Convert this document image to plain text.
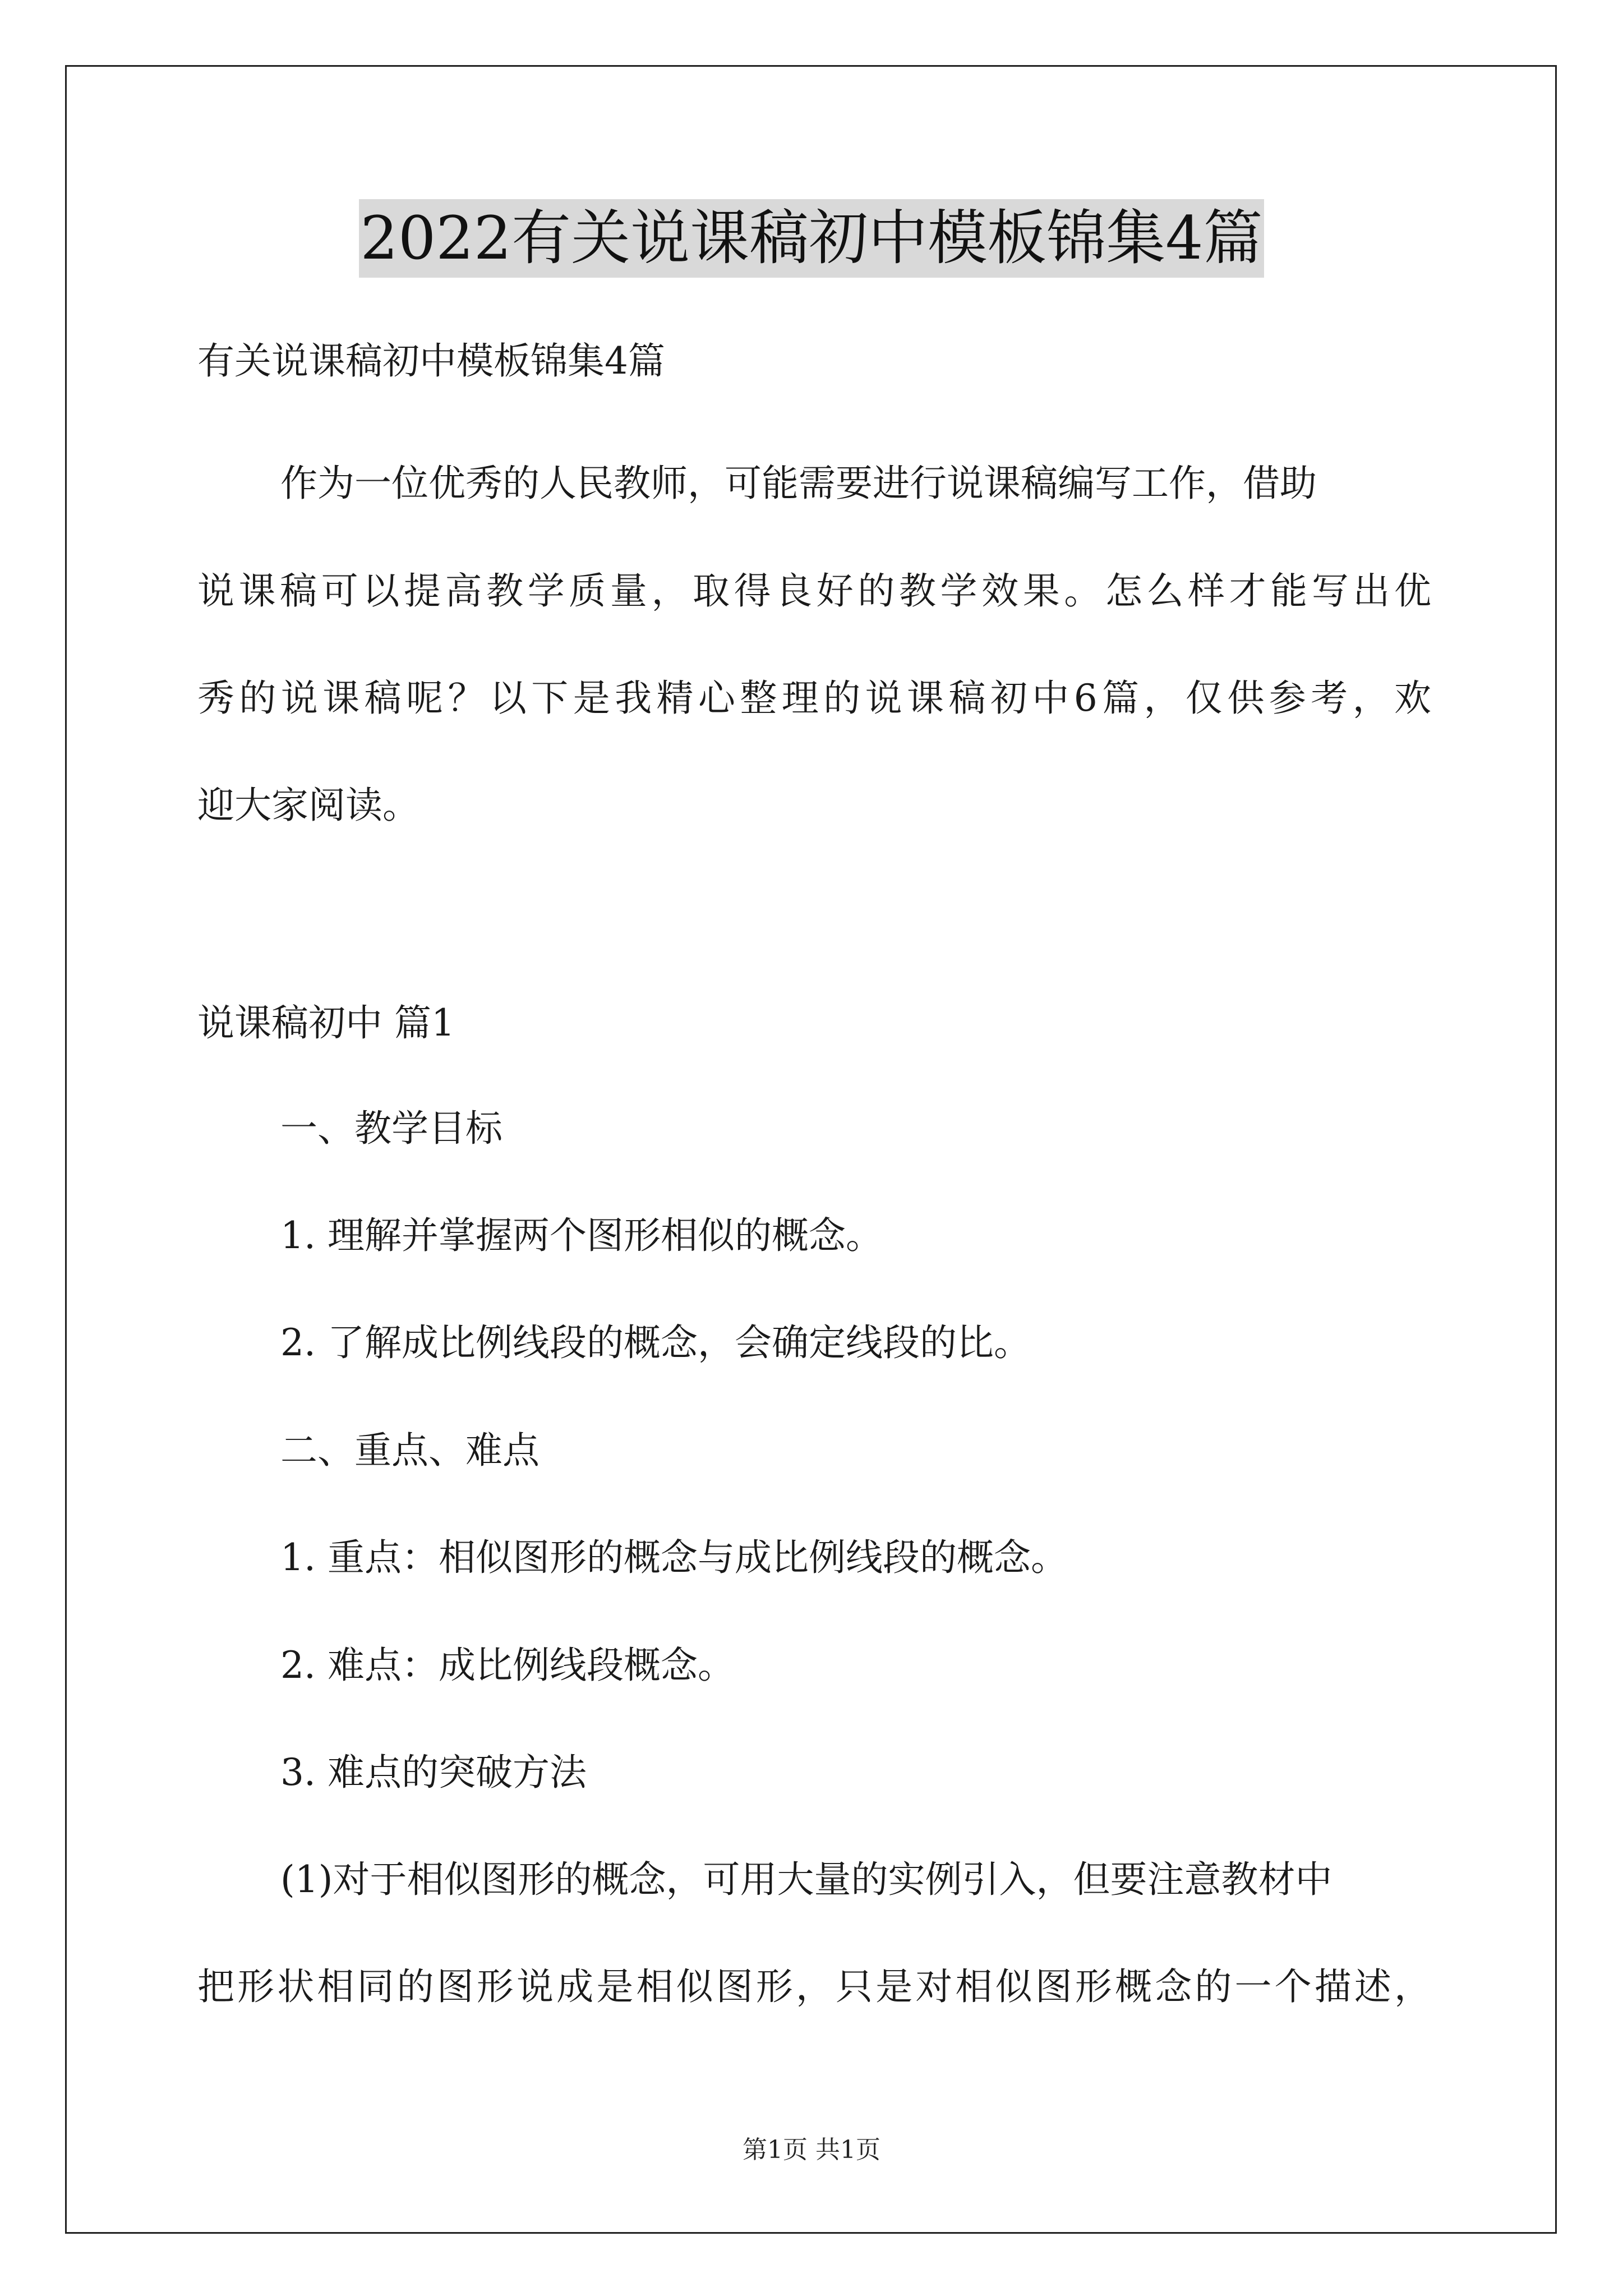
2022有关说课稿初中模板锦集4篇
有关说课稿初中模板锦集4篇
作为一位优秀的人民教师，可能需要进行说课稿编写工作，借助
说课稿可以提高教学质量，取得良好的教学效果。怎么样才能写出优
秀的说课稿呢？以下是我精心整理的说课稿初中6篇，仅供参考，欢
迎大家阅读。
说课稿初中 篇1
一、教学目标
1. 理解并掌握两个图形相似的概念。
2. 了解成比例线段的概念，会确定线段的比。
二、重点、难点
1. 重点：相似图形的概念与成比例线段的概念。
2. 难点：成比例线段概念。
3. 难点的突破方法
(1)对于相似图形的概念，可用大量的实例引入，但要注意教材中
把形状相同的图形说成是相似图形，只是对相似图形概念的一个描述，
第1页 共1页
